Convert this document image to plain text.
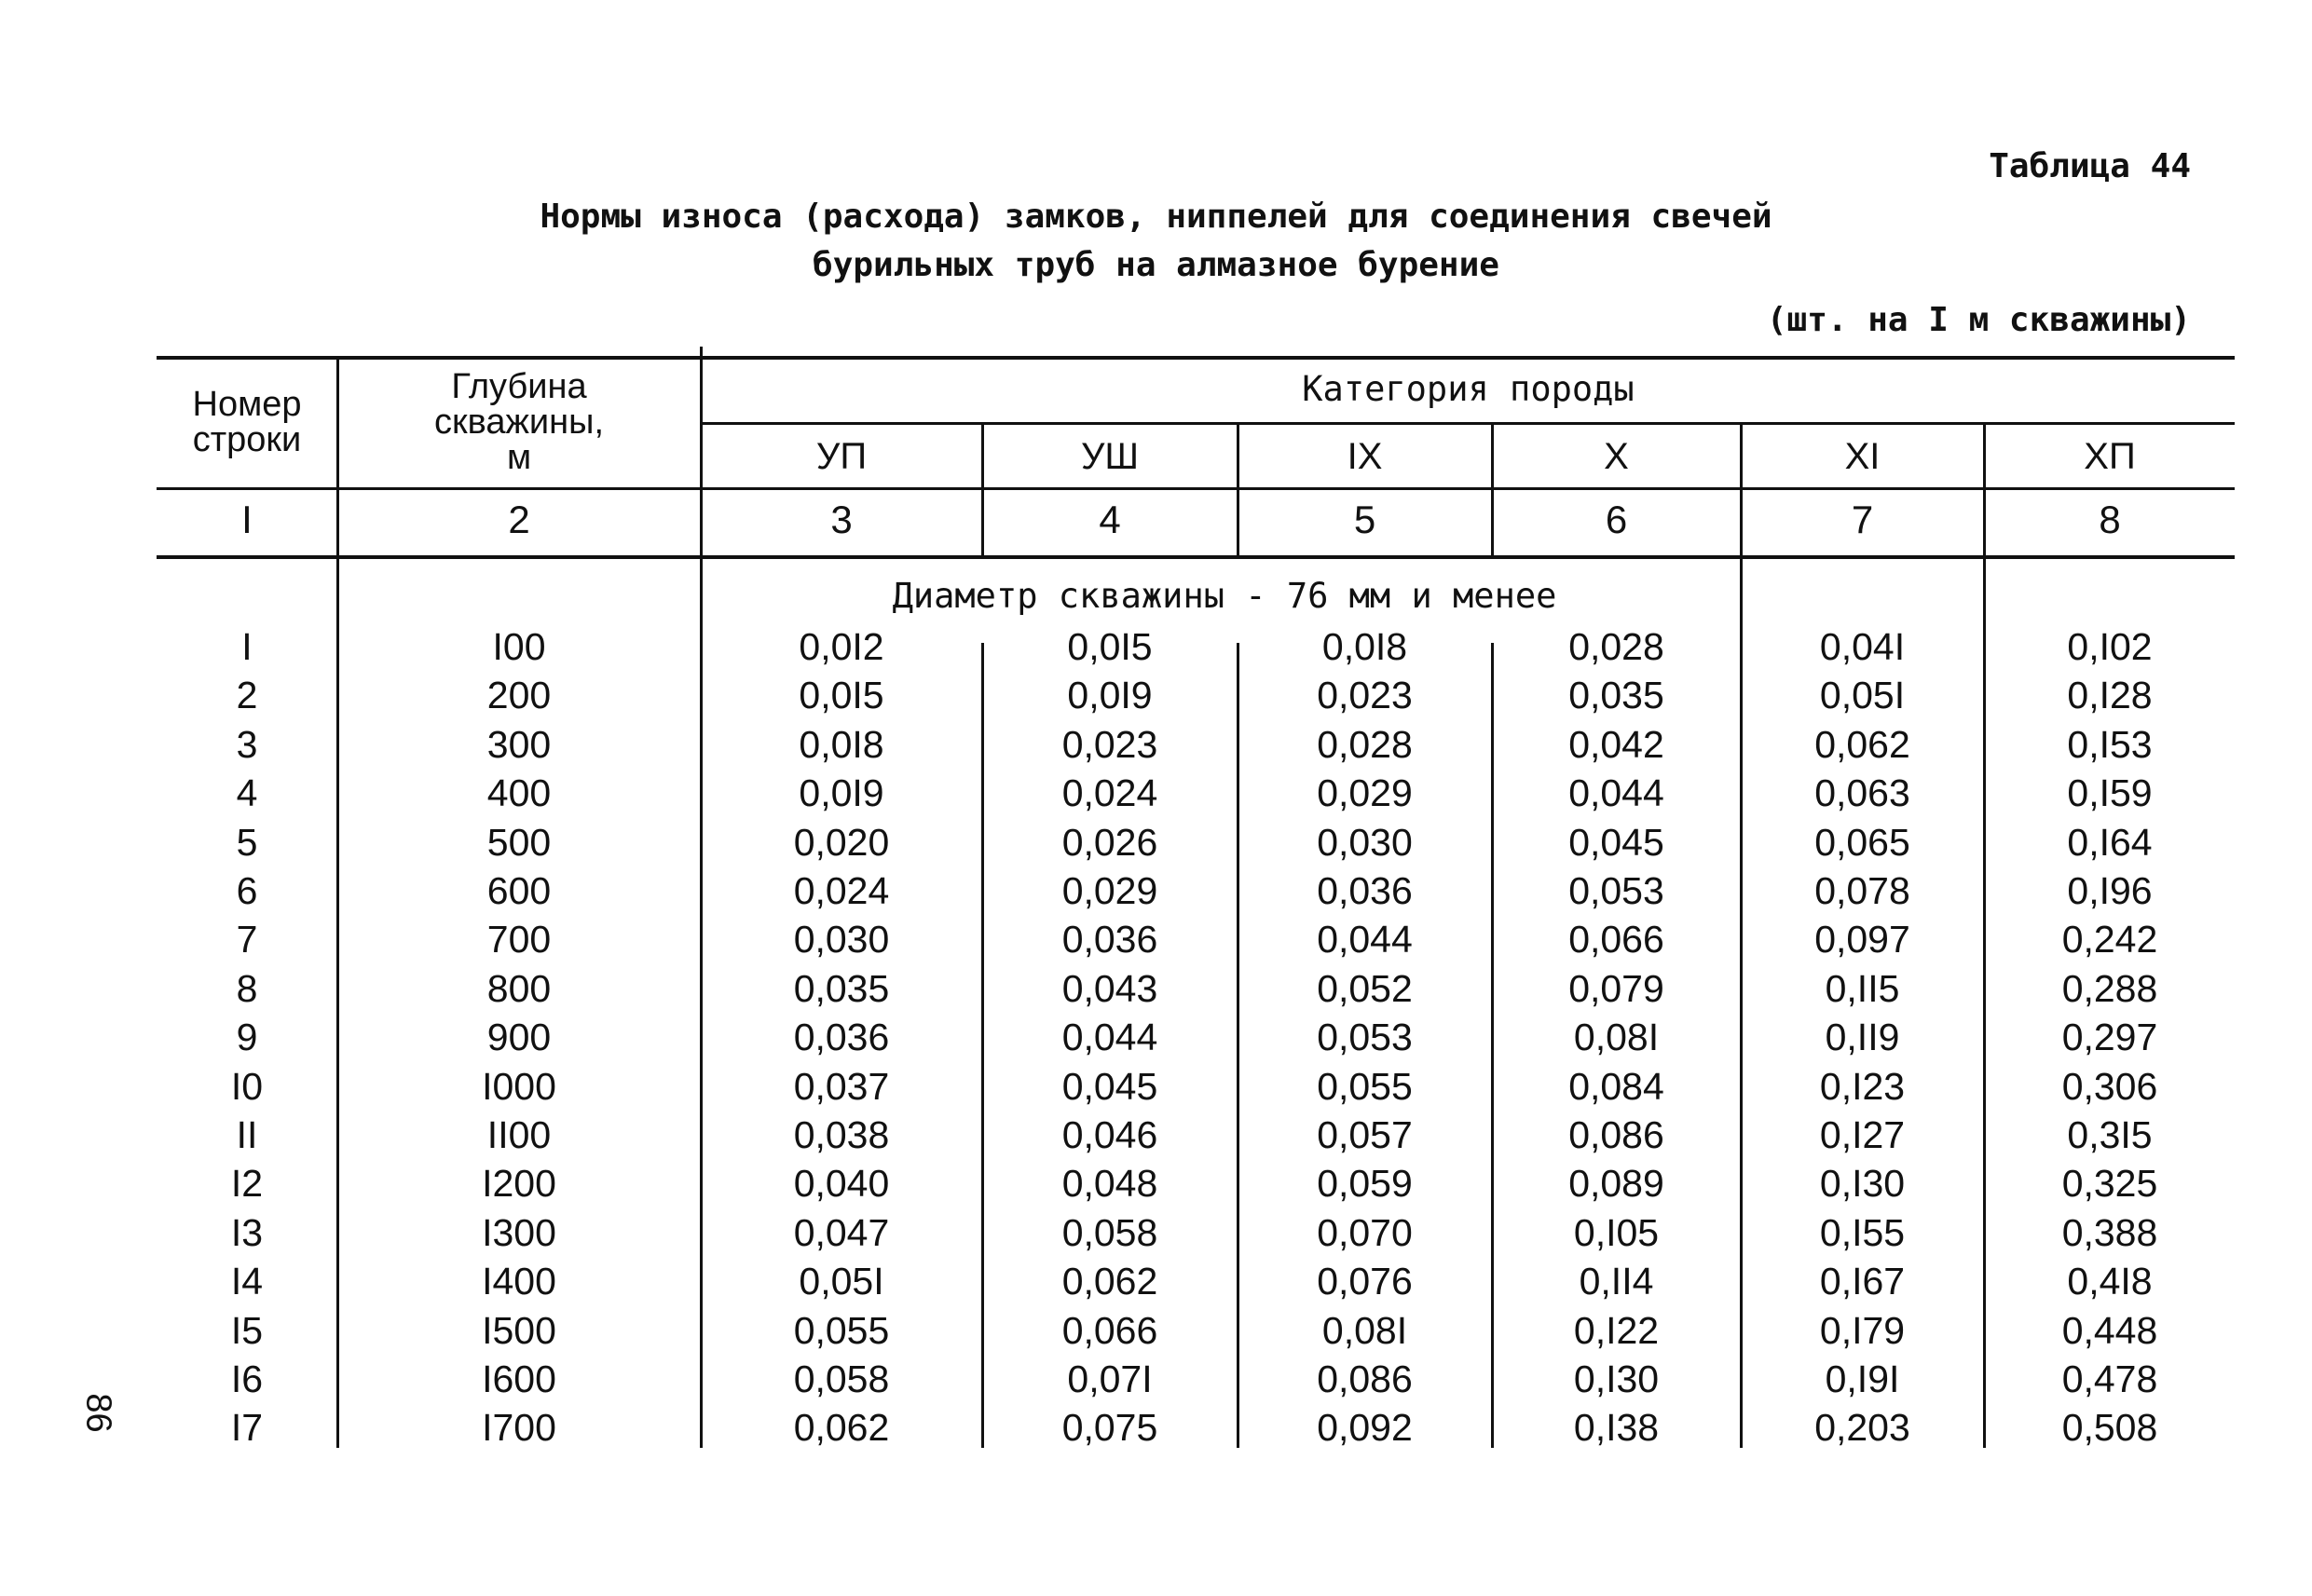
Таблица 44
Нормы износа (расхода) замков, ниппелей для соединения свечей
бурильных труб на алмазное бурение
(шт. на I м скважины)
Номер
строки
Глубина
скважины,
м
Категория породы
УП	УШ	IX	X	XI	ХП
I	2	3	4	5	6	7	8
Диаметр скважины - 76 мм и менее
I	I00	0,0I2	0,0I5	0,0I8	0,028	0,04I	0,I02
2	200	0,0I5	0,0I9	0,023	0,035	0,05I	0,I28
3	300	0,0I8	0,023	0,028	0,042	0,062	0,I53
4	400	0,0I9	0,024	0,029	0,044	0,063	0,I59
5	500	0,020	0,026	0,030	0,045	0,065	0,I64
6	600	0,024	0,029	0,036	0,053	0,078	0,I96
7	700	0,030	0,036	0,044	0,066	0,097	0,242
8	800	0,035	0,043	0,052	0,079	0,II5	0,288
9	900	0,036	0,044	0,053	0,08I	0,II9	0,297
I0	I000	0,037	0,045	0,055	0,084	0,I23	0,306
II	II00	0,038	0,046	0,057	0,086	0,I27	0,3I5
I2	I200	0,040	0,048	0,059	0,089	0,I30	0,325
I3	I300	0,047	0,058	0,070	0,I05	0,I55	0,388
I4	I400	0,05I	0,062	0,076	0,II4	0,I67	0,4I8
I5	I500	0,055	0,066	0,08I	0,I22	0,I79	0,448
I6	I600	0,058	0,07I	0,086	0,I30	0,I9I	0,478
I7	I700	0,062	0,075	0,092	0,I38	0,203	0,508
86
